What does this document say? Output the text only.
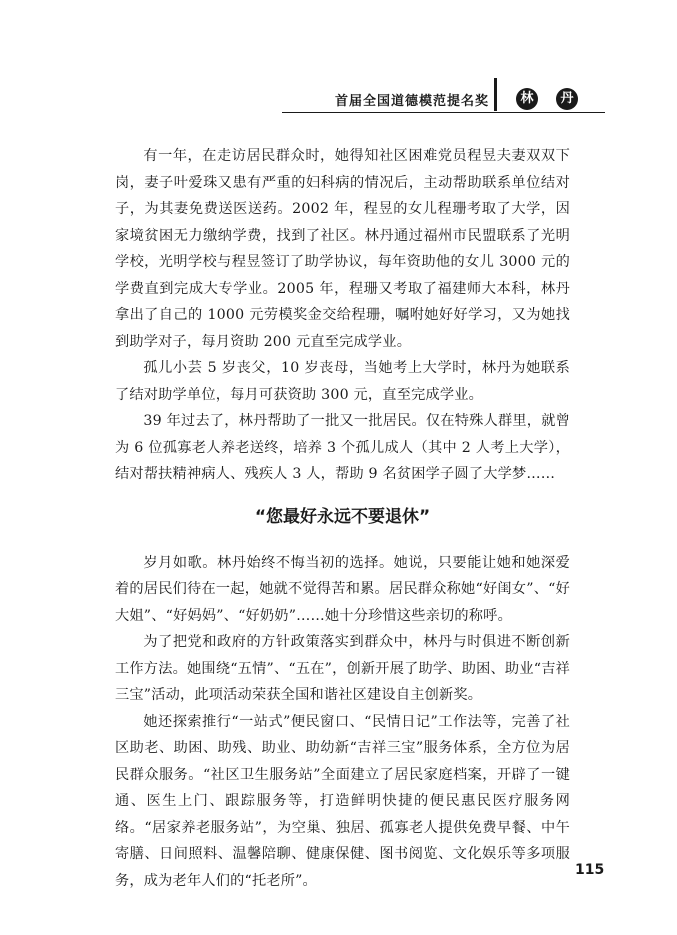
首届全国道德模范提名奖	林	丹

有一年，在走访居民群众时，她得知社区困难党员程昱夫妻双双下岗，妻子叶爱珠又患有严重的妇科病的情况后，主动帮助联系单位结对子，为其妻免费送医送药。2002 年，程昱的女儿程珊考取了大学，因家境贫困无力缴纳学费，找到了社区。林丹通过福州市民盟联系了光明学校，光明学校与程昱签订了助学协议，每年资助他的女儿 3000 元的学费直到完成大专学业。2005 年，程珊又考取了福建师大本科，林丹拿出了自己的 1000 元劳模奖金交给程珊，嘱咐她好好学习，又为她找到助学对子，每月资助 200 元直至完成学业。

孤儿小芸 5 岁丧父，10 岁丧母，当她考上大学时，林丹为她联系了结对助学单位，每月可获资助 300 元，直至完成学业。

39 年过去了，林丹帮助了一批又一批居民。仅在特殊人群里，就曾为 6 位孤寡老人养老送终，培养 3 个孤儿成人（其中 2 人考上大学），结对帮扶精神病人、残疾人 3 人，帮助 9 名贫困学子圆了大学梦……

“您最好永远不要退休”

岁月如歌。林丹始终不悔当初的选择。她说，只要能让她和她深爱着的居民们待在一起，她就不觉得苦和累。居民群众称她“好闺女”、“好大姐”、“好妈妈”、“好奶奶”……她十分珍惜这些亲切的称呼。

为了把党和政府的方针政策落实到群众中，林丹与时俱进不断创新工作方法。她围绕“五情”、“五在”，创新开展了助学、助困、助业“吉祥三宝”活动，此项活动荣获全国和谐社区建设自主创新奖。

她还探索推行“一站式”便民窗口、“民情日记”工作法等，完善了社区助老、助困、助残、助业、助幼新“吉祥三宝”服务体系，全方位为居民群众服务。“社区卫生服务站”全面建立了居民家庭档案，开辟了一键通、医生上门、跟踪服务等，打造鲜明快捷的便民惠民医疗服务网络。“居家养老服务站”，为空巢、独居、孤寡老人提供免费早餐、中午寄膳、日间照料、温馨陪聊、健康保健、图书阅览、文化娱乐等多项服务，成为老年人们的“托老所”。

115
